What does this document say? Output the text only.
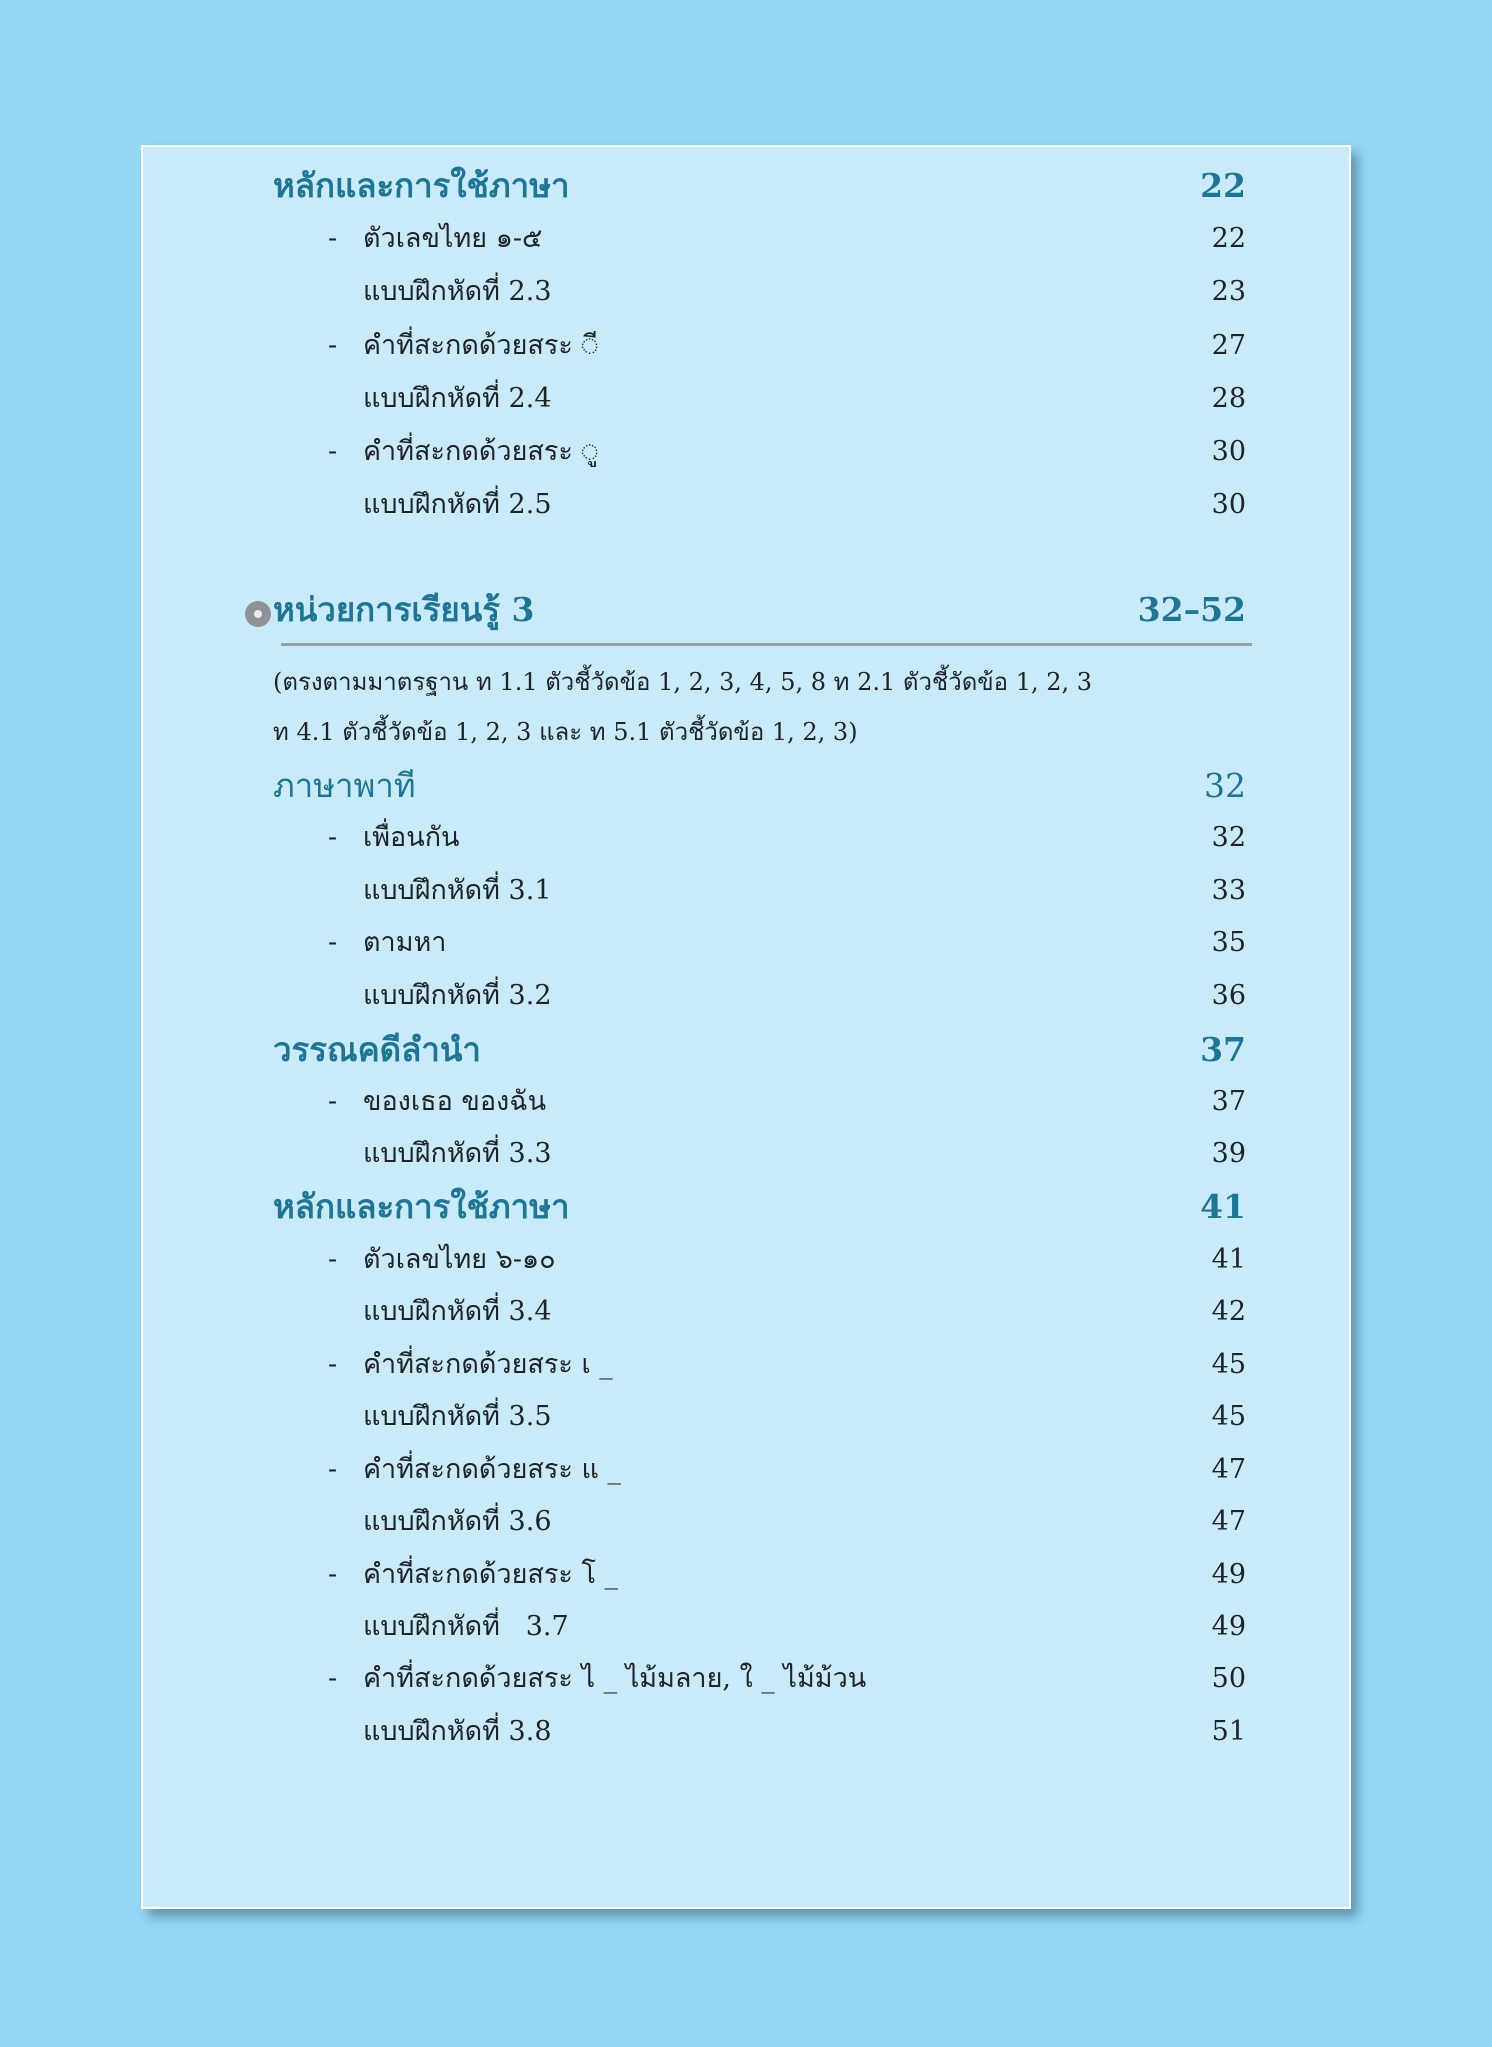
หลักและการใช้ภาษา	22
- ตัวเลขไทย ๑-๕	22
แบบฝึกหัดที่ 2.3	23
- คำที่สะกดด้วยสระ ◌ี	27
แบบฝึกหัดที่ 2.4	28
- คำที่สะกดด้วยสระ ◌ู	30
แบบฝึกหัดที่ 2.5	30
หน่วยการเรียนรู้ 3	32–52
(ตรงตามมาตรฐาน ท 1.1 ตัวชี้วัดข้อ 1, 2, 3, 4, 5, 8 ท 2.1 ตัวชี้วัดข้อ 1, 2, 3
ท 4.1 ตัวชี้วัดข้อ 1, 2, 3 และ ท 5.1 ตัวชี้วัดข้อ 1, 2, 3)
ภาษาพาที	32
- เพื่อนกัน	32
แบบฝึกหัดที่ 3.1	33
- ตามหา	35
แบบฝึกหัดที่ 3.2	36
วรรณคดีลำนำ	37
- ของเธอ ของฉัน	37
แบบฝึกหัดที่ 3.3	39
หลักและการใช้ภาษา	41
- ตัวเลขไทย ๖-๑๐	41
แบบฝึกหัดที่ 3.4	42
- คำที่สะกดด้วยสระ เ _	45
แบบฝึกหัดที่ 3.5	45
- คำที่สะกดด้วยสระ แ _	47
แบบฝึกหัดที่ 3.6	47
- คำที่สะกดด้วยสระ โ _	49
แบบฝึกหัดที่   3.7	49
- คำที่สะกดด้วยสระ ไ _ ไม้มลาย, ใ _ ไม้ม้วน	50
แบบฝึกหัดที่ 3.8	51
